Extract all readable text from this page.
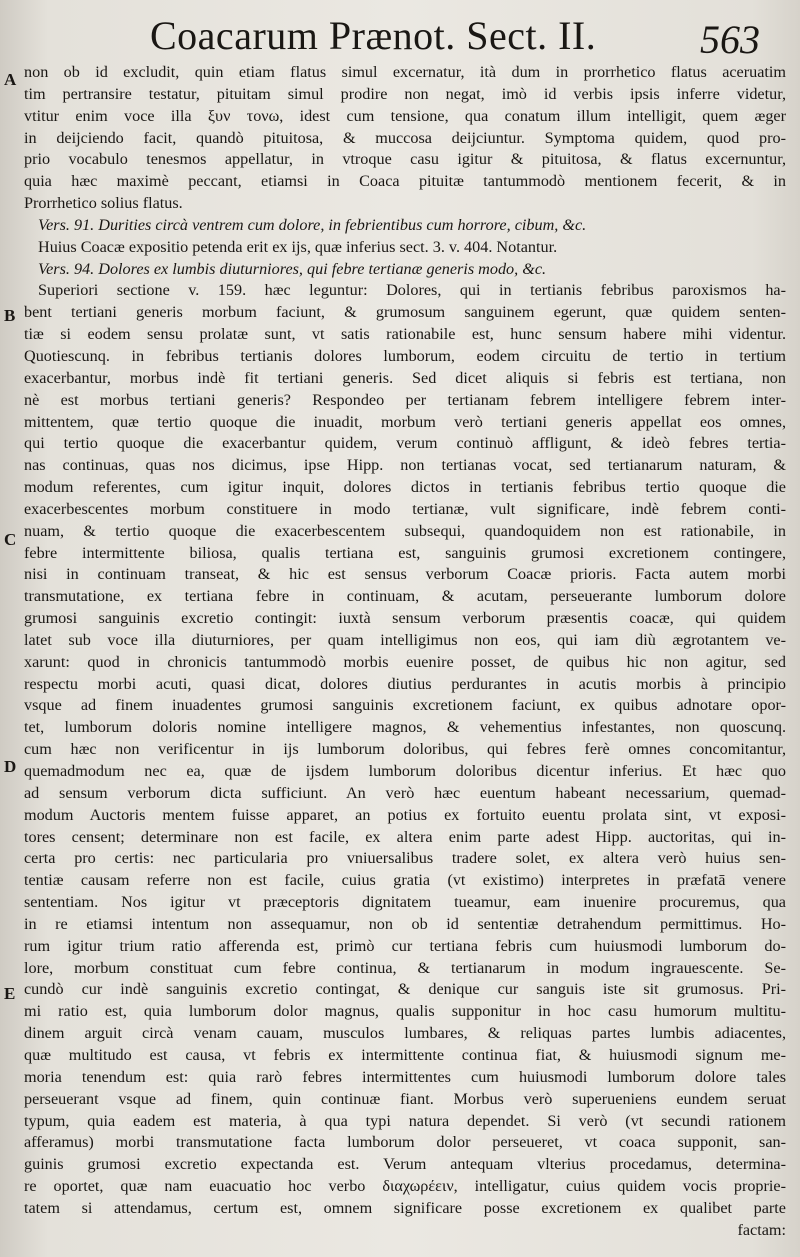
Coacarum Prænot. Sect. II.	563
A
B
C
D
E
non ob id excludit, quin etiam flatus simul excernatur, ità dum in prorrhetico flatus aceruatim
tim pertransire testatur, pituitam simul prodire non negat, imò id verbis ipsis inferre videtur,
vtitur enim voce illa ξυν τονω, idest cum tensione, qua conatum illum intelligit, quem æger
in deijciendo facit, quandò pituitosa, & muccosa deijciuntur. Symptoma quidem, quod pro-
prio vocabulo tenesmos appellatur, in vtroque casu igitur & pituitosa, & flatus excernuntur,
quia hæc maximè peccant, etiamsi in Coaca pituitæ tantummodò mentionem fecerit, & in
Prorrhetico solius flatus.
Vers. 91. Durities circà ventrem cum dolore, in febrientibus cum horrore, cibum, &c.
Huius Coacæ expositio petenda erit ex ijs, quæ inferius sect. 3. v. 404. Notantur.
Vers. 94. Dolores ex lumbis diuturniores, qui febre tertianæ generis modo, &c.
Superiori sectione v. 159. hæc leguntur: Dolores, qui in tertianis febribus paroxismos ha-
bent tertiani generis morbum faciunt, & grumosum sanguinem egerunt, quæ quidem senten-
tiæ si eodem sensu prolatæ sunt, vt satis rationabile est, hunc sensum habere mihi videntur.
Quotiescunq. in febribus tertianis dolores lumborum, eodem circuitu de tertio in tertium
exacerbantur, morbus indè fit tertiani generis. Sed dicet aliquis si febris est tertiana, non
nè est morbus tertiani generis? Respondeo per tertianam febrem intelligere febrem inter-
mittentem, quæ tertio quoque die inuadit, morbum verò tertiani generis appellat eos omnes,
qui tertio quoque die exacerbantur quidem, verum continuò affligunt, & ideò febres tertia-
nas continuas, quas nos dicimus, ipse Hipp. non tertianas vocat, sed tertianarum naturam, &
modum referentes, cum igitur inquit, dolores dictos in tertianis febribus tertio quoque die
exacerbescentes morbum constituere in modo tertianæ, vult significare, indè febrem conti-
nuam, & tertio quoque die exacerbescentem subsequi, quandoquidem non est rationabile, in
febre intermittente biliosa, qualis tertiana est, sanguinis grumosi excretionem contingere,
nisi in continuam transeat, & hic est sensus verborum Coacæ prioris. Facta autem morbi
transmutatione, ex tertiana febre in continuam, & acutam, perseuerante lumborum dolore
grumosi sanguinis excretio contingit: iuxtà sensum verborum præsentis coacæ, qui quidem
latet sub voce illa diuturniores, per quam intelligimus non eos, qui iam diù ægrotantem ve-
xarunt: quod in chronicis tantummodò morbis euenire posset, de quibus hic non agitur, sed
respectu morbi acuti, quasi dicat, dolores diutius perdurantes in acutis morbis à principio
vsque ad finem inuadentes grumosi sanguinis excretionem faciunt, ex quibus adnotare opor-
tet, lumborum doloris nomine intelligere magnos, & vehementius infestantes, non quoscunq.
cum hæc non verificentur in ijs lumborum doloribus, qui febres ferè omnes concomitantur,
quemadmodum nec ea, quæ de ijsdem lumborum doloribus dicentur inferius. Et hæc quo
ad sensum verborum dicta sufficiunt. An verò hæc euentum habeant necessarium, quemad-
modum Auctoris mentem fuisse apparet, an potius ex fortuito euentu prolata sint, vt exposi-
tores censent; determinare non est facile, ex altera enim parte adest Hipp. auctoritas, qui in-
certa pro certis: nec particularia pro vniuersalibus tradere solet, ex altera verò huius sen-
tentiæ causam referre non est facile, cuius gratia (vt existimo) interpretes in præfatā venere
sententiam. Nos igitur vt præceptoris dignitatem tueamur, eam inuenire procuremus, qua
in re etiamsi intentum non assequamur, non ob id sententiæ detrahendum permittimus. Ho-
rum igitur trium ratio afferenda est, primò cur tertiana febris cum huiusmodi lumborum do-
lore, morbum constituat cum febre continua, & tertianarum in modum ingrauescente. Se-
cundò cur indè sanguinis excretio contingat, & denique cur sanguis iste sit grumosus. Pri-
mi ratio est, quia lumborum dolor magnus, qualis supponitur in hoc casu humorum multitu-
dinem arguit circà venam cauam, musculos lumbares, & reliquas partes lumbis adiacentes,
quæ multitudo est causa, vt febris ex intermittente continua fiat, & huiusmodi signum me-
moria tenendum est: quia rarò febres intermittentes cum huiusmodi lumborum dolore tales
perseuerant vsque ad finem, quin continuæ fiant. Morbus verò superueniens eundem seruat
typum, quia eadem est materia, à qua typi natura dependet. Si verò (vt secundi rationem
afferamus) morbi transmutatione facta lumborum dolor perseueret, vt coaca supponit, san-
guinis grumosi excretio expectanda est. Verum antequam vlterius procedamus, determina-
re oportet, quæ nam euacuatio hoc verbo διαχωρέειν, intelligatur, cuius quidem vocis proprie-
tatem si attendamus, certum est, omnem significare posse excretionem ex qualibet parte
factam:
